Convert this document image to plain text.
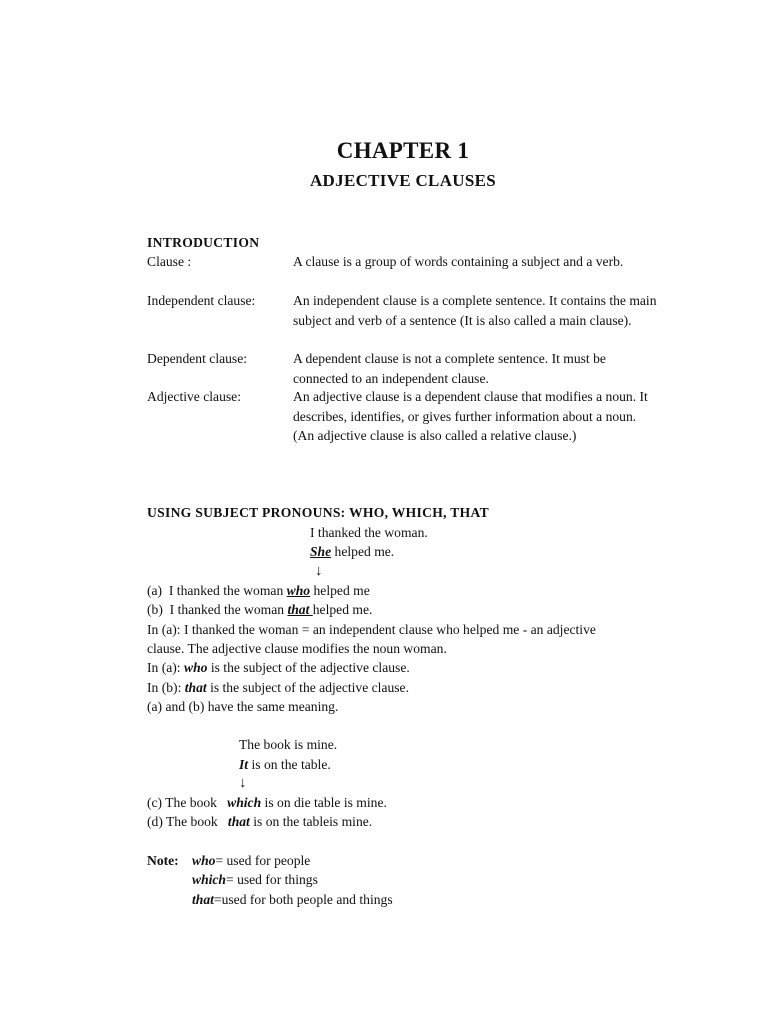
CHAPTER 1
ADJECTIVE CLAUSES
INTRODUCTION
Clause :	A clause is a group of words containing a subject and a verb.
Independent clause:	An independent clause is a complete sentence. It contains the main subject and verb of a sentence (It is also called a main clause).
Dependent clause:	A dependent clause is not a complete sentence. It must be connected to an independent clause.
Adjective clause:	An adjective clause is a dependent clause that modifies a noun. It describes, identifies, or gives further information about a noun. (An adjective clause is also called a relative clause.)
USING SUBJECT PRONOUNS: WHO, WHICH, THAT
I thanked the woman.
She helped me.
↓
(a)  I thanked the woman who helped me
(b)  I thanked the woman that helped me.
In (a): I thanked the woman = an independent clause who helped me - an adjective
clause. The adjective clause modifies the noun woman.
In (a): who is the subject of the adjective clause.
In (b): that is the subject of the adjective clause.
(a) and (b) have the same meaning.
The book is mine.
It is on the table.
↓
(c) The book   which is on die table is mine.
(d) The book   that is on the tableis mine.
Note: who= used for people
which= used for things
that=used for both people and things
